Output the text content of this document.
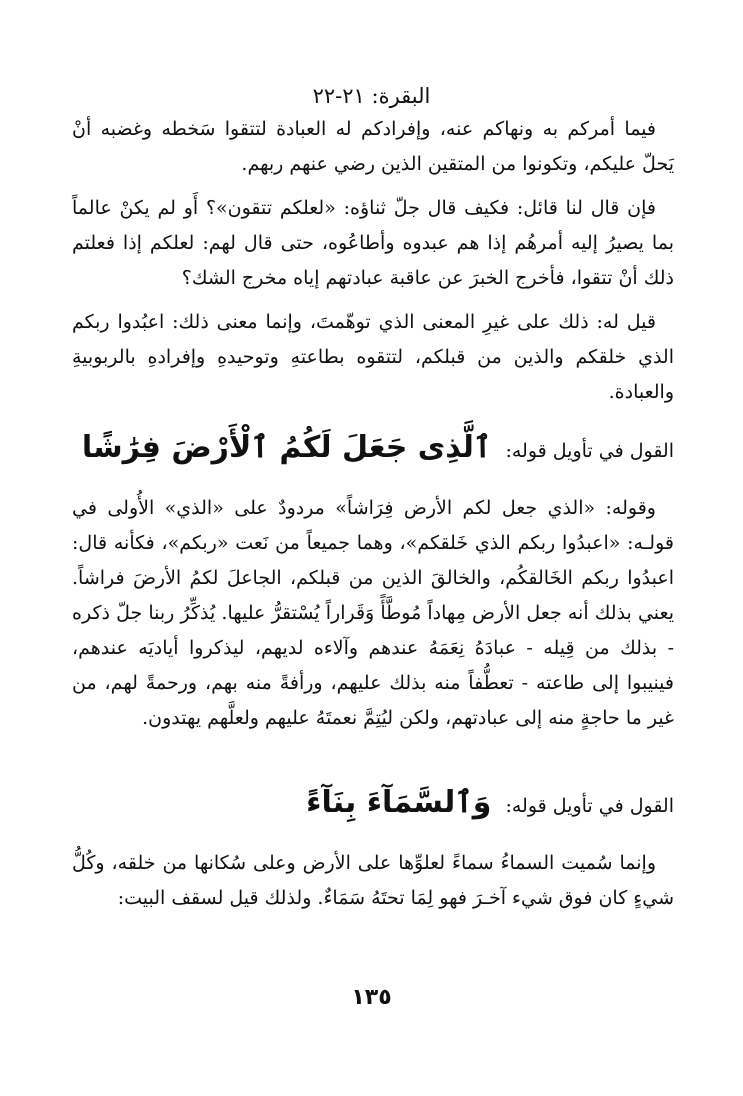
البقرة: ٢١-٢٢

فيما أمركم به ونهاكم عنه، وإفرادكم له العبادة لتتقوا سَخطه وغضبه أنْ يَحلّ عليكم، وتكونوا من المتقين الذين رضي عنهم ربهم.

فإن قال لنا قائل: فكيف قال جلّ ثناؤه: «لعلكم تتقون»؟ أَو لم يكنْ عالماً بما يصيرُ إليه أمرهُم إذا هم عبدوه وأطاعُوه، حتى قال لهم: لعلكم إذا فعلتم ذلك أنْ تتقوا، فأخرج الخبرَ عن عاقبة عبادتهم إياه مخرج الشك؟

قيل له: ذلك على غيرِ المعنى الذي توهّمتَ، وإنما معنى ذلك: اعبُدوا ربكم الذي خلقكم والذين من قبلكم، لتتقوه بطاعتهِ وتوحيدهِ وإفرادهِ بالربوبيةِ والعبادة.

القول في تأويل قوله:
ٱلَّذِى جَعَلَ لَكُمُ ٱلْأَرْضَ فِرَٰشًا

وقوله: «الذي جعل لكم الأرض فِرَاشاً» مردودٌ على «الذي» الأُولى في قولـه: «اعبدُوا ربكم الذي خَلقكم»، وهما جميعاً من نَعت «ربكم»، فكأنه قال: اعبدُوا ربكم الخَالقكُم، والخالقَ الذين من قبلكم، الجاعلَ لكمُ الأرضَ فراشاً. يعني بذلك أنه جعل الأرض مِهاداً مُوطَّأً وَقَراراً يُسْتقرُّ عليها. يُذكِّرُ ربنا جلّ ذكره - بذلك من قِيله - عبادَهُ نِعَمَهُ عندهم وآلاءه لديهم، ليذكروا أياديَه عندهم، فينيبوا إلى طاعته - تعطُّفاً منه بذلك عليهم، ورأفةً منه بهم، ورحمةً لهم، من غير ما حاجةٍ منه إلى عبادتهم، ولكن ليُتِمَّ نعمتَهُ عليهم ولعلَّهم يهتدون.

القول في تأويل قوله:
وَٱلسَّمَآءَ بِنَآءً

وإنما سُميت السماءُ سماءً لعلوِّها على الأرض وعلى سُكانها من خلقه، وكُلُّ شيءٍ كان فوق شيء آخـرَ فهو لِمَا تحتَهُ سَمَاءٌ. ولذلك قيل لسقف البيت:

١٣٥
